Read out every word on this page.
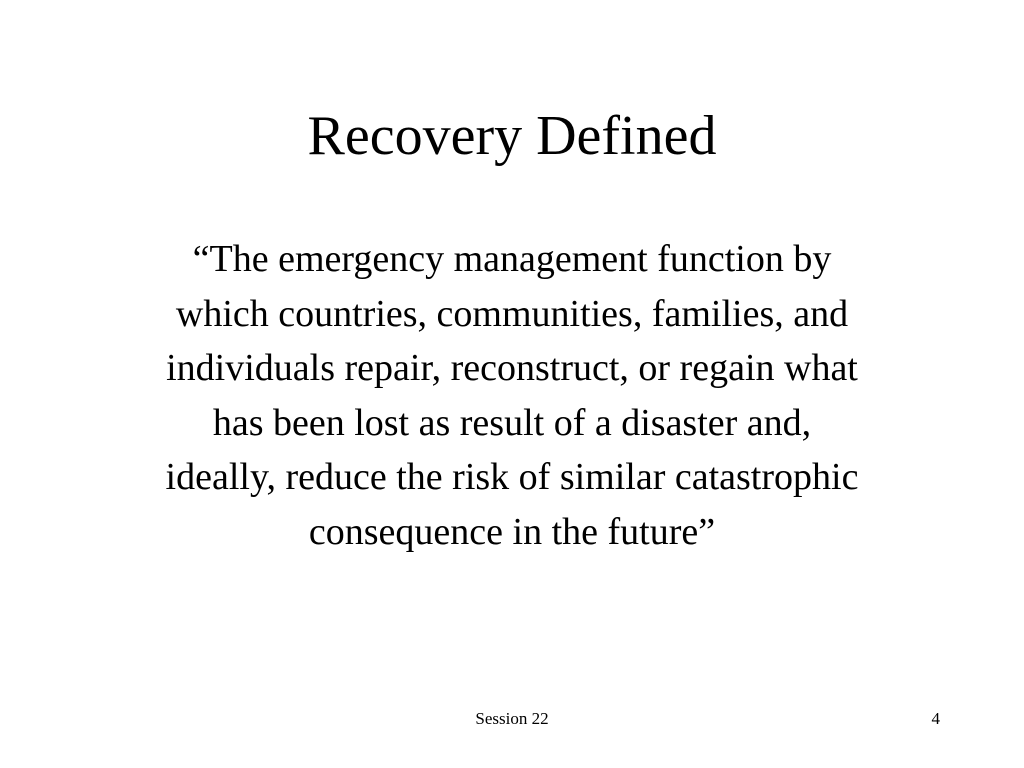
Recovery Defined
“The emergency management function by
which countries, communities, families, and
individuals repair, reconstruct, or regain what
has been lost as result of a disaster and,
ideally, reduce the risk of similar catastrophic
consequence in the future”
Session 22	4
